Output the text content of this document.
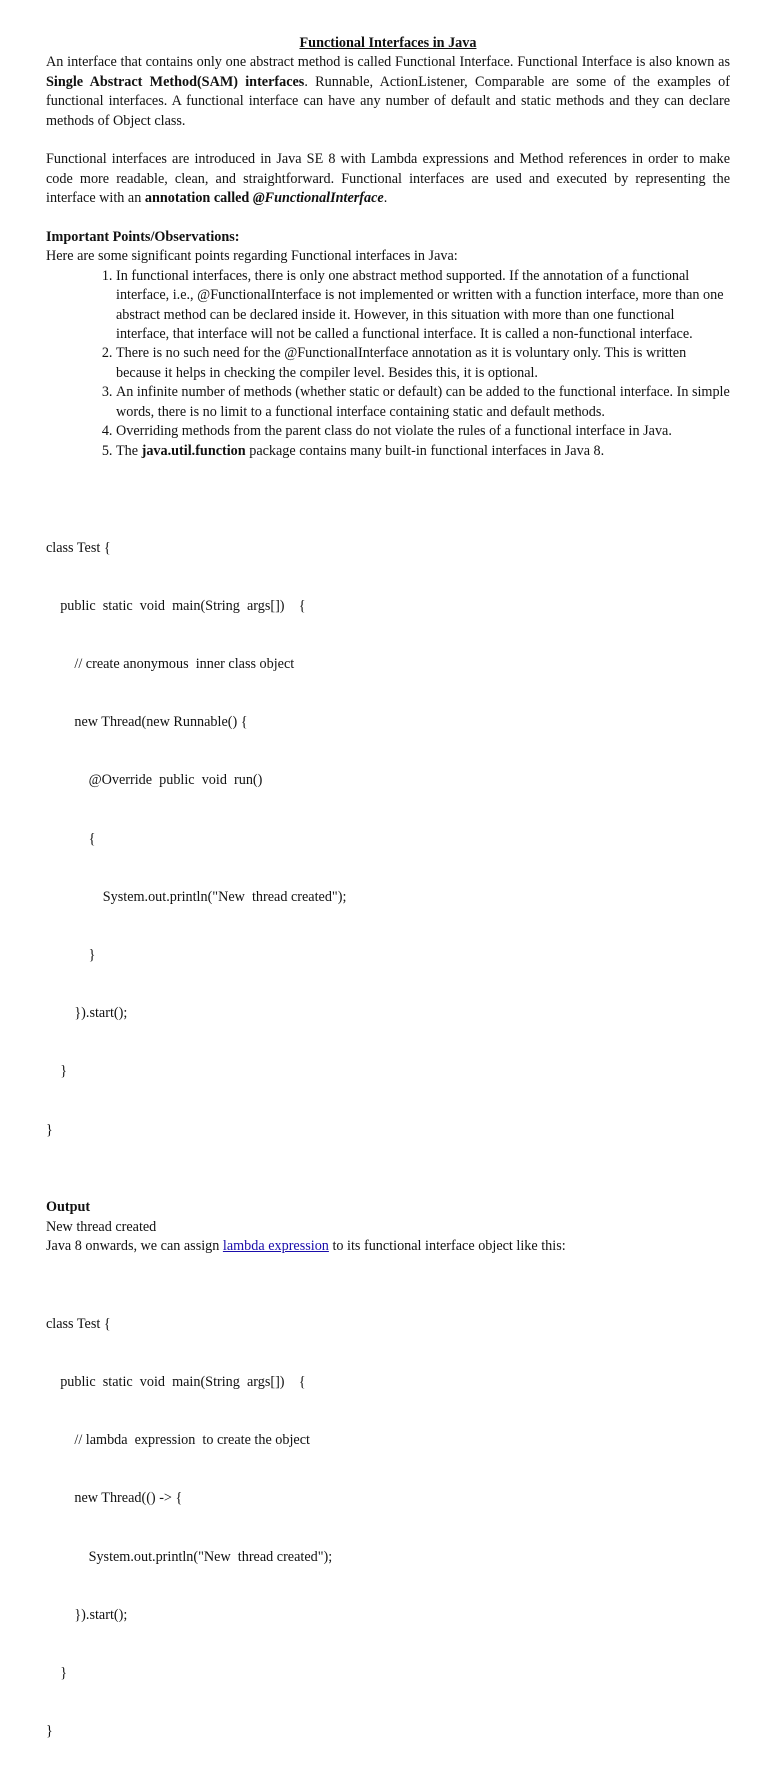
Functional Interfaces in Java

An interface that contains only one abstract method is called Functional Interface. Functional Interface is also known as Single Abstract Method(SAM) interfaces. Runnable, ActionListener, Comparable are some of the examples of functional interfaces. A functional interface can have any number of default and static methods and they can declare methods of Object class.

Functional interfaces are introduced in Java SE 8 with Lambda expressions and Method references in order to make code more readable, clean, and straightforward. Functional interfaces are used and executed by representing the interface with an annotation called @FunctionalInterface.

Important Points/Observations:

Here are some significant points regarding Functional interfaces in Java:

1. In functional interfaces, there is only one abstract method supported. If the annotation of a functional interface, i.e., @FunctionalInterface is not implemented or written with a function interface, more than one abstract method can be declared inside it. However, in this situation with more than one functional interface, that interface will not be called a functional interface. It is called a non-functional interface.
2. There is no such need for the @FunctionalInterface annotation as it is voluntary only. This is written because it helps in checking the compiler level. Besides this, it is optional.
3. An infinite number of methods (whether static or default) can be added to the functional interface. In simple words, there is no limit to a functional interface containing static and default methods.
4. Overriding methods from the parent class do not violate the rules of a functional interface in Java.
5. The java.util.function package contains many built-in functional interfaces in Java 8.

class Test {

public  static  void  main(String  args[])    {

// create anonymous  inner class object

new Thread(new Runnable() {

@Override  public  void  run()

{

System.out.println("New  thread created");

}

}).start();

}

}

Output

New thread created

Java 8 onwards, we can assign lambda expression to its functional interface object like this:

class Test {

public  static  void  main(String  args[])    {

// lambda  expression  to create the object

new Thread(() -> {

System.out.println("New  thread created");

}).start();

}

}
